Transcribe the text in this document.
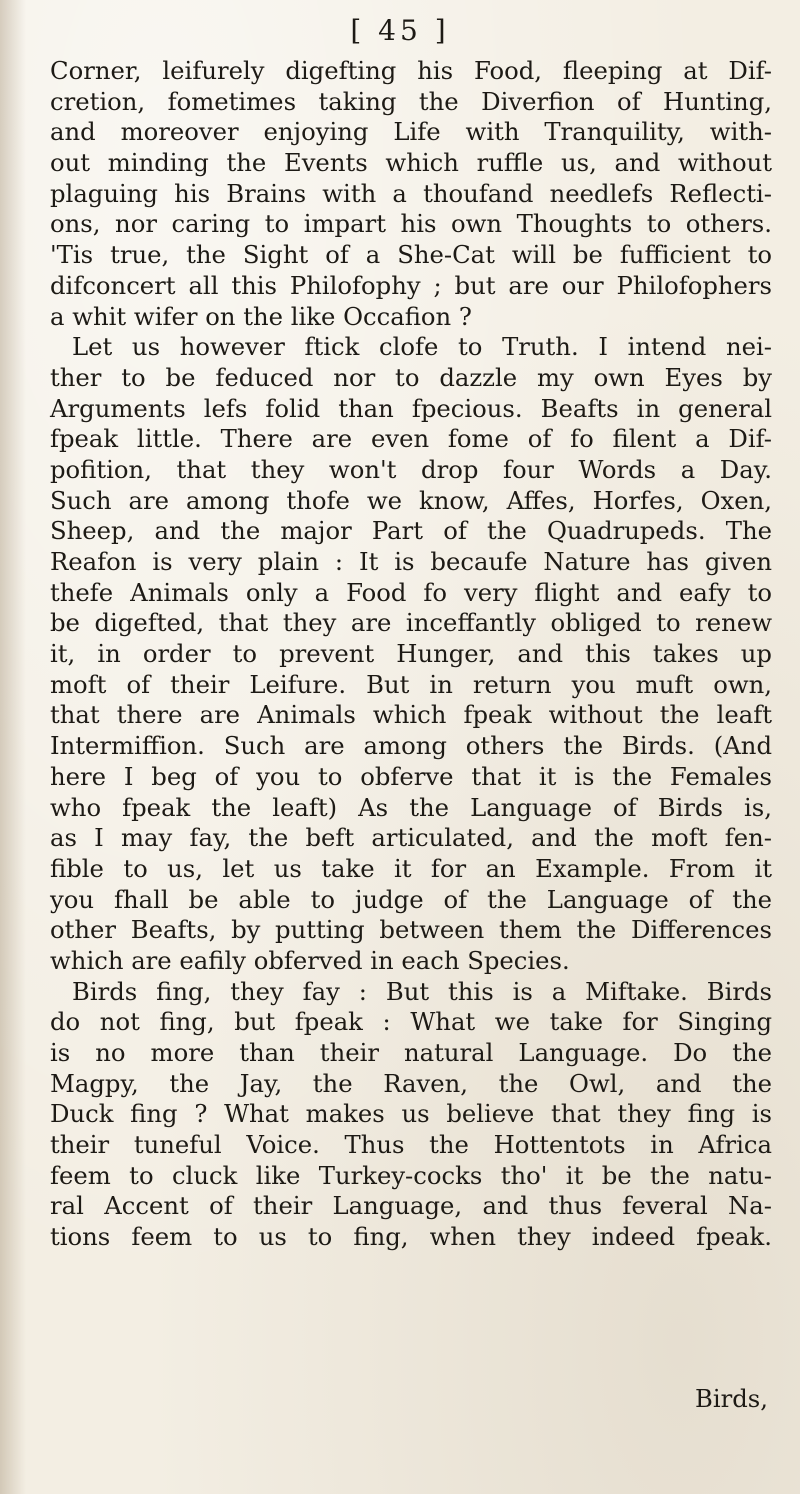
[ 45 ]
Corner, leifurely digefting his Food, fleeping at Dif-
cretion, fometimes taking the Diverfion of Hunting,
and moreover enjoying Life with Tranquility, with-
out minding the Events which ruffle us, and without
plaguing his Brains with a thoufand needlefs Reflecti-
ons, nor caring to impart his own Thoughts to others.
'Tis true, the Sight of a She-Cat will be fufficient to
difconcert all this Philofophy ; but are our Philofophers
a whit wifer on the like Occafion ?
Let us however ftick clofe to Truth. I intend nei-
ther to be feduced nor to dazzle my own Eyes by
Arguments lefs folid than fpecious. Beafts in general
fpeak little. There are even fome of fo filent a Dif-
pofition, that they won't drop four Words a Day.
Such are among thofe we know, Affes, Horfes, Oxen,
Sheep, and the major Part of the Quadrupeds. The
Reafon is very plain : It is becaufe Nature has given
thefe Animals only a Food fo very flight and eafy to
be digefted, that they are inceffantly obliged to renew
it, in order to prevent Hunger, and this takes up
moft of their Leifure. But in return you muft own,
that there are Animals which fpeak without the leaft
Intermiffion. Such are among others the Birds. (And
here I beg of you to obferve that it is the Females
who fpeak the leaft) As the Language of Birds is,
as I may fay, the beft articulated, and the moft fen-
fible to us, let us take it for an Example. From it
you fhall be able to judge of the Language of the
other Beafts, by putting between them the Differences
which are eafily obferved in each Species.
Birds fing, they fay : But this is a Miftake. Birds
do not fing, but fpeak : What we take for Singing
is no more than their natural Language. Do the
Magpy, the Jay, the Raven, the Owl, and the
Duck fing ? What makes us believe that they fing is
their tuneful Voice. Thus the Hottentots in Africa
feem to cluck like Turkey-cocks tho' it be the natu-
ral Accent of their Language, and thus feveral Na-
tions feem to us to fing, when they indeed fpeak.
Birds,
